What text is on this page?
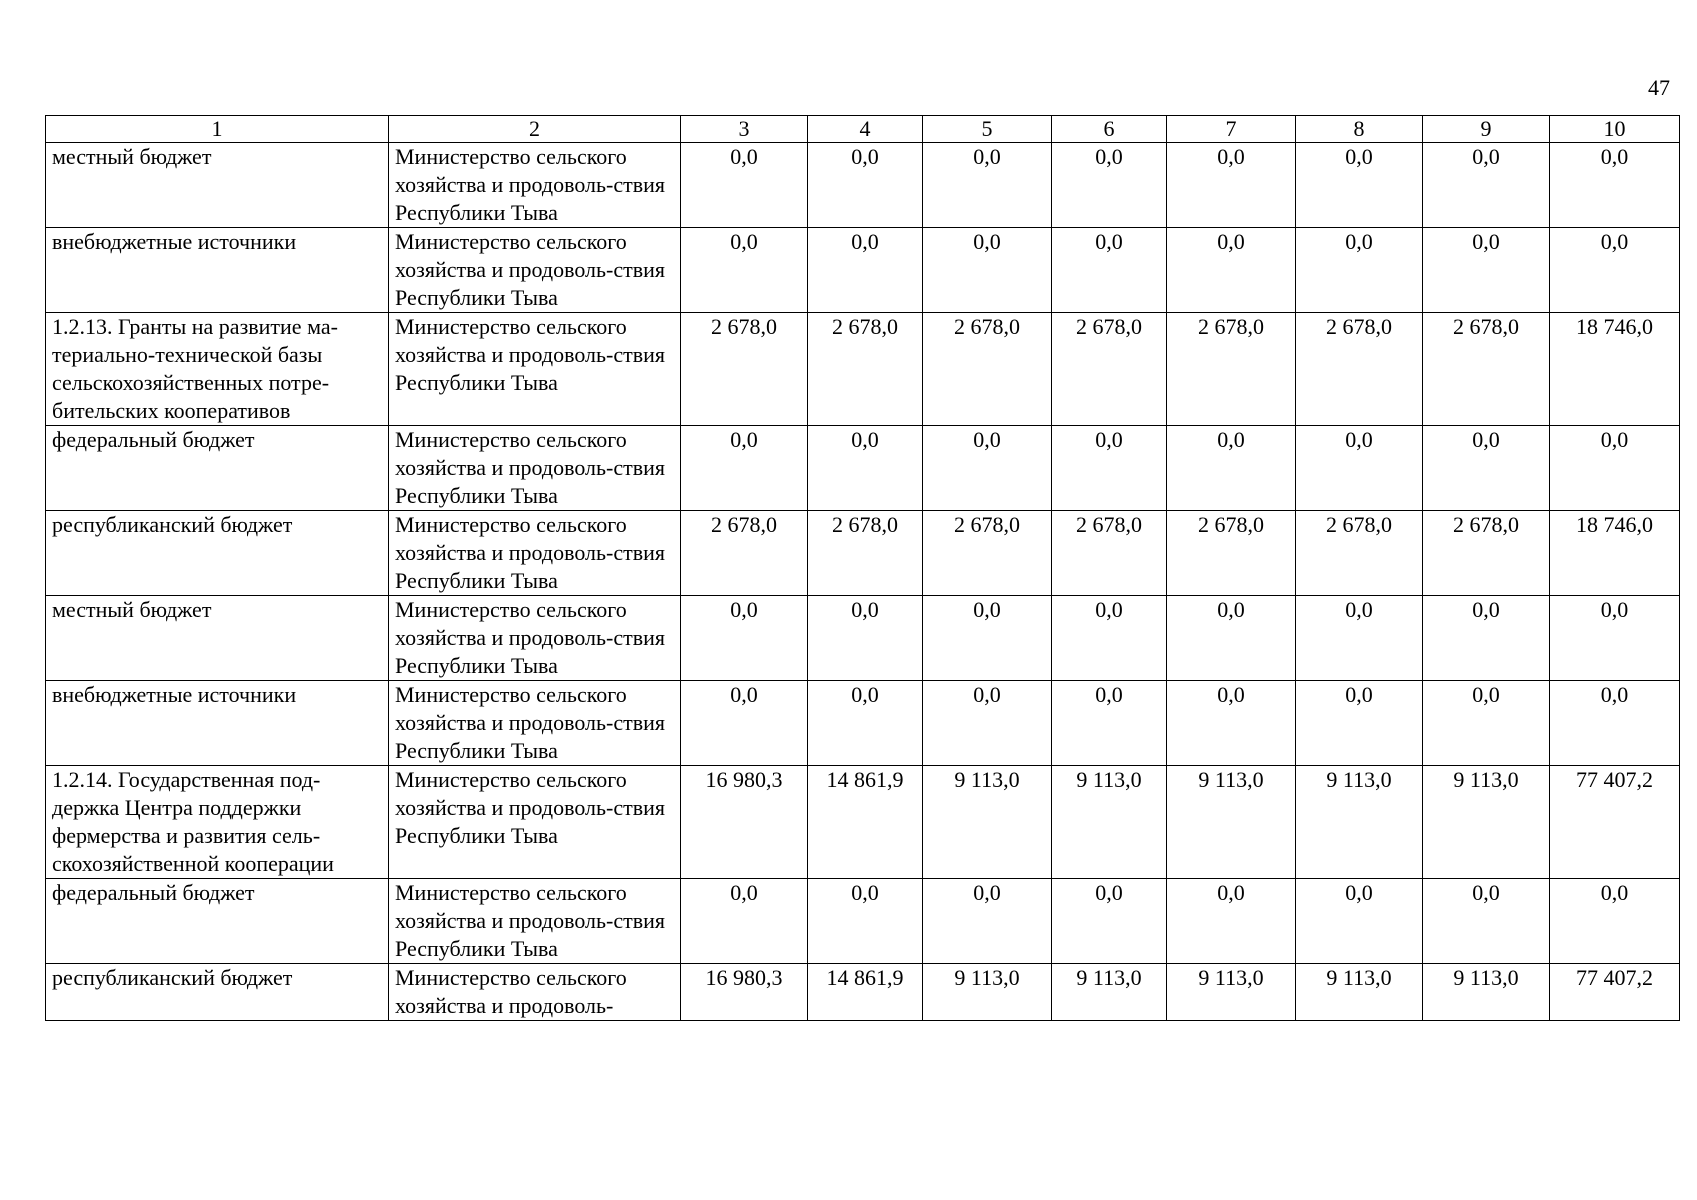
47
1	2	3	4	5	6	7	8	9	10
местный бюджет	Министерство сельского хозяйства и продоволь-ствия Республики Тыва	0,0	0,0	0,0	0,0	0,0	0,0	0,0	0,0
внебюджетные источники	Министерство сельского хозяйства и продоволь-ствия Республики Тыва	0,0	0,0	0,0	0,0	0,0	0,0	0,0	0,0
1.2.13. Гранты на развитие ма-териально-технической базы сельскохозяйственных потре-бительских кооперативов	Министерство сельского хозяйства и продоволь-ствия Республики Тыва	2 678,0	2 678,0	2 678,0	2 678,0	2 678,0	2 678,0	2 678,0	18 746,0
федеральный бюджет	Министерство сельского хозяйства и продоволь-ствия Республики Тыва	0,0	0,0	0,0	0,0	0,0	0,0	0,0	0,0
республиканский бюджет	Министерство сельского хозяйства и продоволь-ствия Республики Тыва	2 678,0	2 678,0	2 678,0	2 678,0	2 678,0	2 678,0	2 678,0	18 746,0
местный бюджет	Министерство сельского хозяйства и продоволь-ствия Республики Тыва	0,0	0,0	0,0	0,0	0,0	0,0	0,0	0,0
внебюджетные источники	Министерство сельского хозяйства и продоволь-ствия Республики Тыва	0,0	0,0	0,0	0,0	0,0	0,0	0,0	0,0
1.2.14. Государственная под-держка Центра поддержки фермерства и развития сель-скохозяйственной кооперации	Министерство сельского хозяйства и продоволь-ствия Республики Тыва	16 980,3	14 861,9	9 113,0	9 113,0	9 113,0	9 113,0	9 113,0	77 407,2
федеральный бюджет	Министерство сельского хозяйства и продоволь-ствия Республики Тыва	0,0	0,0	0,0	0,0	0,0	0,0	0,0	0,0
республиканский бюджет	Министерство сельского хозяйства и продоволь-	16 980,3	14 861,9	9 113,0	9 113,0	9 113,0	9 113,0	9 113,0	77 407,2
